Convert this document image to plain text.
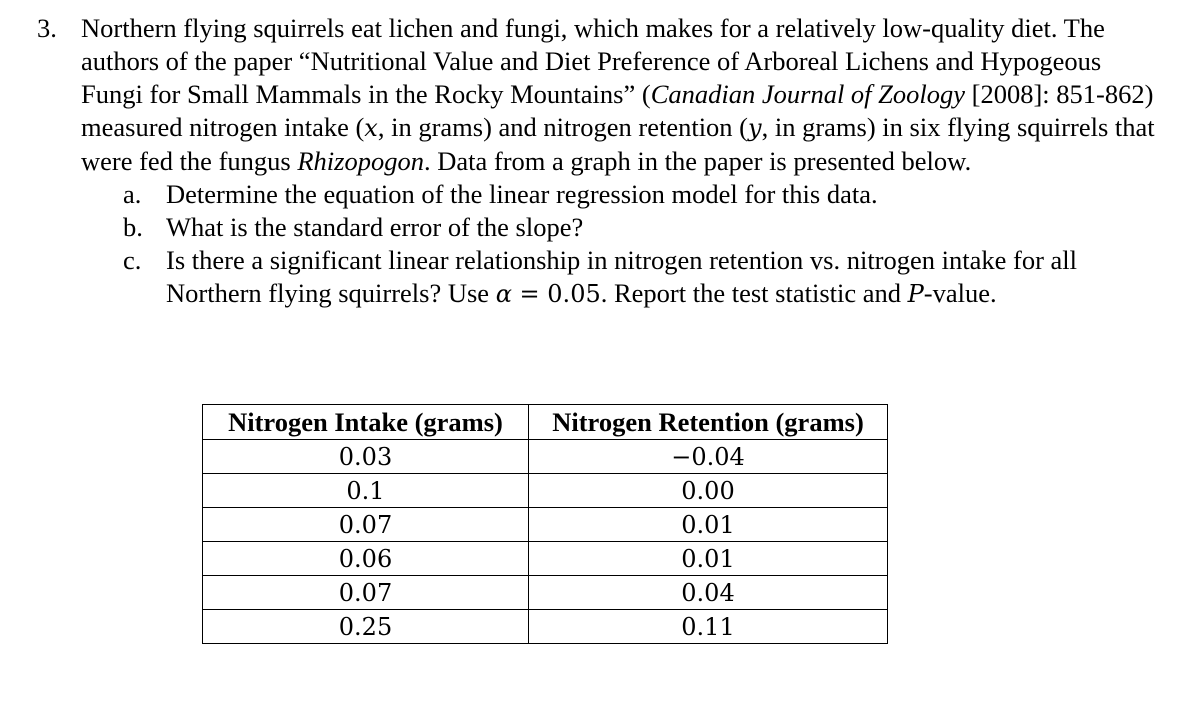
3. Northern flying squirrels eat lichen and fungi, which makes for a relatively low-quality diet. The authors of the paper “Nutritional Value and Diet Preference of Arboreal Lichens and Hypogeous Fungi for Small Mammals in the Rocky Mountains” (Canadian Journal of Zoology [2008]: 851-862) measured nitrogen intake (x, in grams) and nitrogen retention (y, in grams) in six flying squirrels that were fed the fungus Rhizopogon. Data from a graph in the paper is presented below.
a. Determine the equation of the linear regression model for this data.
b. What is the standard error of the slope?
c. Is there a significant linear relationship in nitrogen retention vs. nitrogen intake for all Northern flying squirrels? Use α = 0.05. Report the test statistic and P-value.
Nitrogen Intake (grams)	Nitrogen Retention (grams)
0.03	−0.04
0.1	0.00
0.07	0.01
0.06	0.01
0.07	0.04
0.25	0.11
